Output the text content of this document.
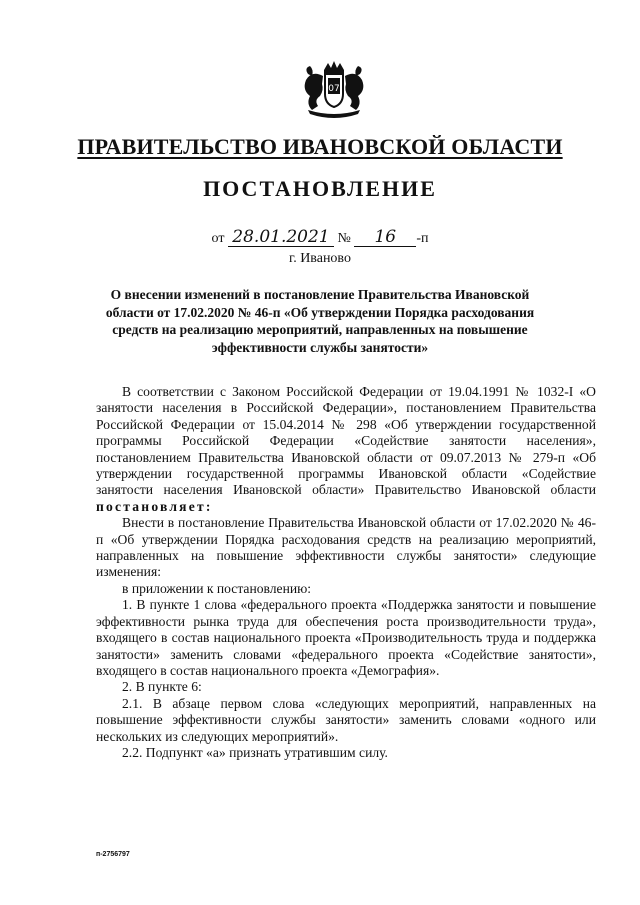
07
ПРАВИТЕЛЬСТВО ИВАНОВСКОЙ ОБЛАСТИ
ПОСТАНОВЛЕНИЕ
от 28.01.2021 № 16 -п
г. Иваново
О внесении изменений в постановление Правительства Ивановской области от 17.02.2020 № 46-п «Об утверждении Порядка расходования средств на реализацию мероприятий, направленных на повышение эффективности службы занятости»

В соответствии с Законом Российской Федерации от 19.04.1991 № 1032-I «О занятости населения в Российской Федерации», постановлением Правительства Российской Федерации от 15.04.2014 № 298 «Об утверждении государственной программы Российской Федерации «Содействие занятости населения», постановлением Правительства Ивановской области от 09.07.2013 № 279-п «Об утверждении государственной программы Ивановской области «Содействие занятости населения Ивановской области» Правительство Ивановской области постановляет:

Внести в постановление Правительства Ивановской области от 17.02.2020 № 46-п «Об утверждении Порядка расходования средств на реализацию мероприятий, направленных на повышение эффективности службы занятости» следующие изменения:

в приложении к постановлению:

1. В пункте 1 слова «федерального проекта «Поддержка занятости и повышение эффективности рынка труда для обеспечения роста производительности труда», входящего в состав национального проекта «Производительность труда и поддержка занятости» заменить словами «федерального проекта «Содействие занятости», входящего в состав национального проекта «Демография».

2. В пункте 6:

2.1. В абзаце первом слова «следующих мероприятий, направленных на повышение эффективности службы занятости» заменить словами «одного или нескольких из следующих мероприятий».

2.2. Подпункт «а» признать утратившим силу.

п-2756797
